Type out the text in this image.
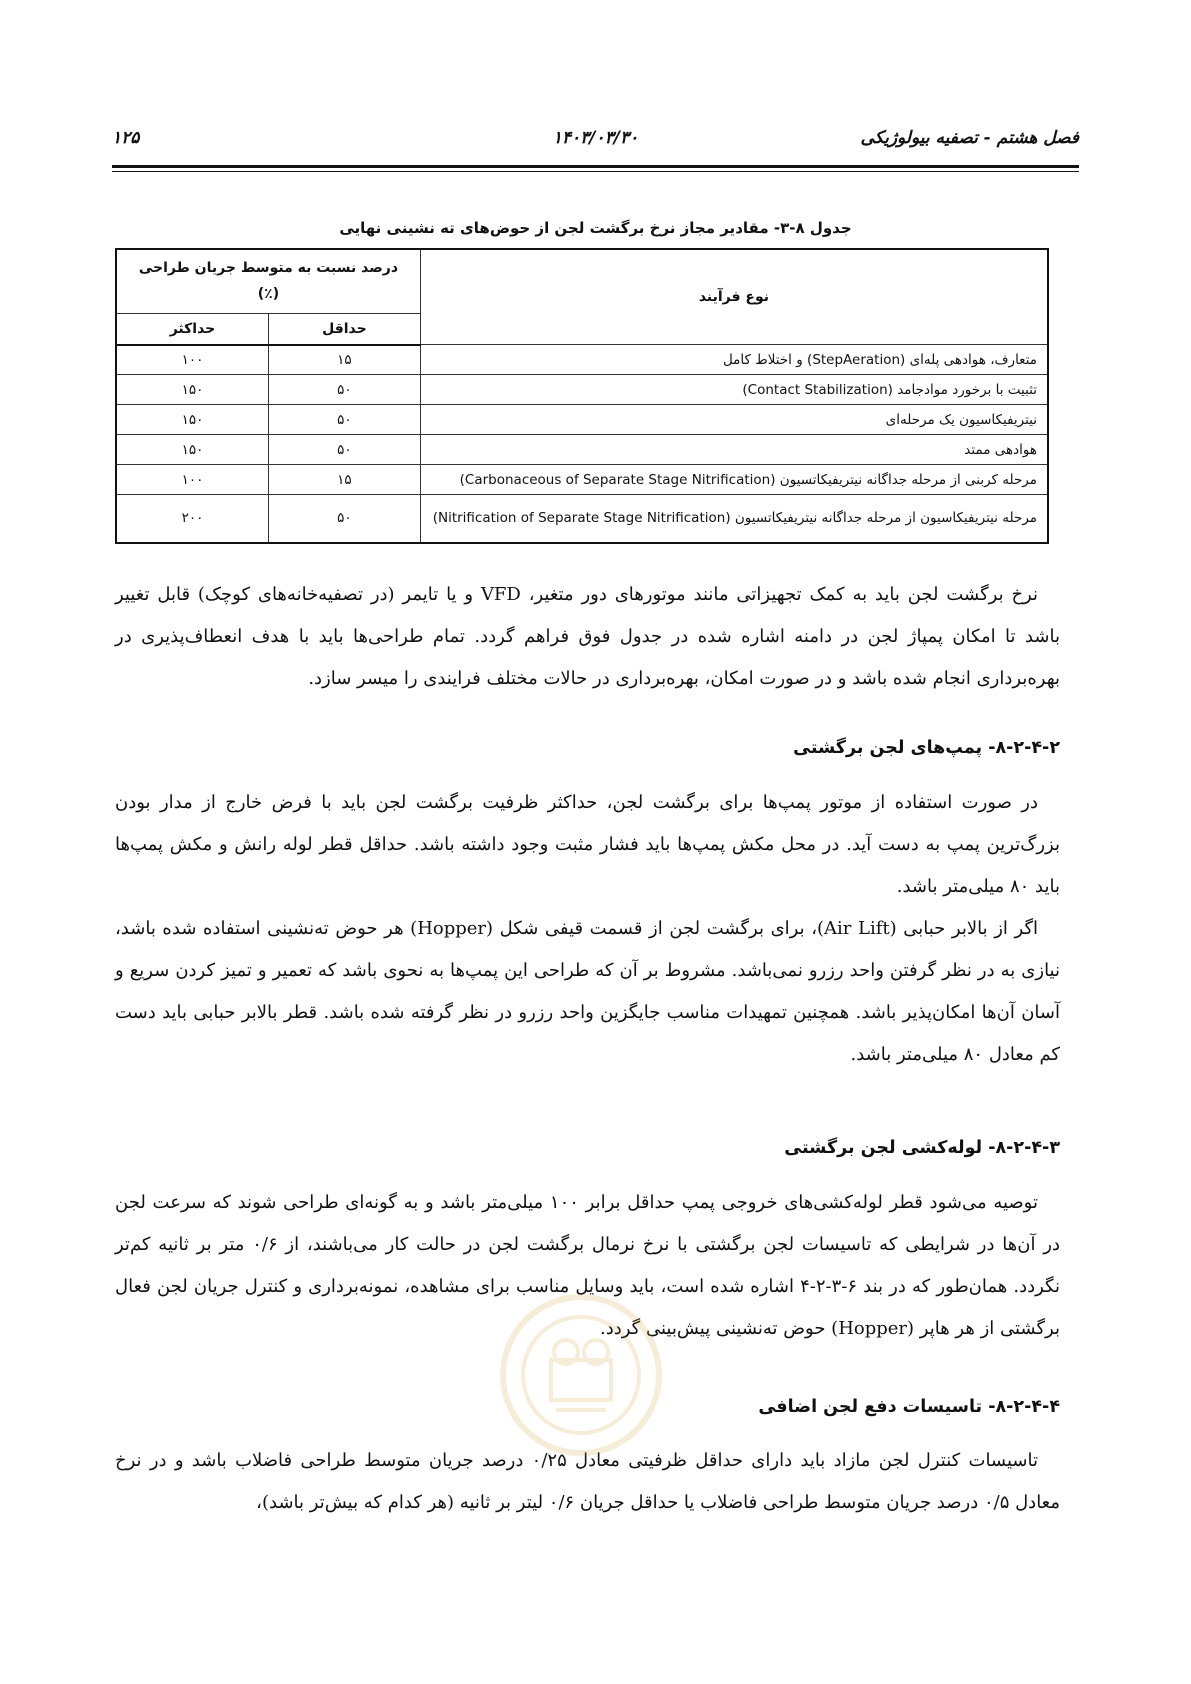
فصل هشتم - تصفیه بیولوژیکی
۱۴۰۳/۰۳/۳۰
۱۲۵
جدول ۸-۳- مقادیر مجاز نرخ برگشت لجن از حوض‌های ته نشینی نهایی
نوع فرآیند	درصد نسبت به متوسط جریان طراحی
(٪)	

	حداقل	حداکثر
متعارف، هوادهی پله‌ای (StepAeration) و اختلاط کامل	۱۵	۱۰۰
تثبیت با برخورد موادجامد (Contact Stabilization)	۵۰	۱۵۰
نیتریفیکاسیون یک مرحله‌ای	۵۰	۱۵۰
هوادهی ممتد	۵۰	۱۵۰
مرحله کربنی از مرحله جداگانه نیتریفیکاتسیون (Carbonaceous of Separate Stage Nitrification)	۱۵	۱۰۰
مرحله نیتریفیکاسیون از مرحله جداگانه نیتریفیکاتسیون (Nitrification of Separate Stage Nitrification)	۵۰	۲۰۰

نرخ برگشت لجن باید به کمک تجهیزاتی مانند موتورهای دور متغیر، VFD و یا تایمر (در تصفیه‌خانه‌های کوچک) قابل تغییر باشد تا امکان پمپاژ لجن در دامنه اشاره شده در جدول فوق فراهم گردد. تمام طراحی‌ها باید با هدف انعطاف‌پذیری در بهره‌برداری انجام شده باشد و در صورت امکان، بهره‌برداری در حالات مختلف فرایندی را میسر سازد.

۸-۲-۴-۲- پمپ‌های لجن برگشتی

در صورت استفاده از موتور پمپ‌ها برای برگشت لجن، حداکثر ظرفیت برگشت لجن باید با فرض خارج از مدار بودن بزرگ‌ترین پمپ به دست آید. در محل مکش پمپ‌ها باید فشار مثبت وجود داشته باشد. حداقل قطر لوله رانش و مکش پمپ‌ها باید ۸۰ میلی‌متر باشد.

اگر از بالابر حبابی (Air Lift)، برای برگشت لجن از قسمت قیفی شکل (Hopper) هر حوض ته‌نشینی استفاده شده باشد، نیازی به در نظر گرفتن واحد رزرو نمی‌باشد. مشروط بر آن که طراحی این پمپ‌ها به نحوی باشد که تعمیر و تمیز کردن سریع و آسان آن‌ها امکان‌پذیر باشد. همچنین تمهیدات مناسب جایگزین واحد رزرو در نظر گرفته شده باشد. قطر بالابر حبابی باید دست کم معادل ۸۰ میلی‌متر باشد.

۸-۲-۴-۳- لوله‌کشی لجن برگشتی

توصیه می‌شود قطر لوله‌کشی‌های خروجی پمپ حداقل برابر ۱۰۰ میلی‌متر باشد و به گونه‌ای طراحی شوند که سرعت لجن در آن‌ها در شرایطی که تاسیسات لجن برگشتی با نرخ نرمال برگشت لجن در حالت کار می‌باشند، از ۰/۶ متر بر ثانیه کم‌تر نگردد. همان‌طور که در بند ۶-۳-۲-۴ اشاره شده است، باید وسایل مناسب برای مشاهده، نمونه‌برداری و کنترل جریان لجن فعال برگشتی از هر هاپر (Hopper) حوض ته‌نشینی پیش‌بینی گردد.

۸-۲-۴-۴- تاسیسات دفع لجن اضافی

تاسیسات کنترل لجن مازاد باید دارای حداقل ظرفیتی معادل ۰/۲۵ درصد جریان متوسط طراحی فاضلاب باشد و در نرخ معادل ۰/۵ درصد جریان متوسط طراحی فاضلاب یا حداقل جریان ۰/۶ لیتر بر ثانیه (هر کدام که بیش‌تر باشد)،
